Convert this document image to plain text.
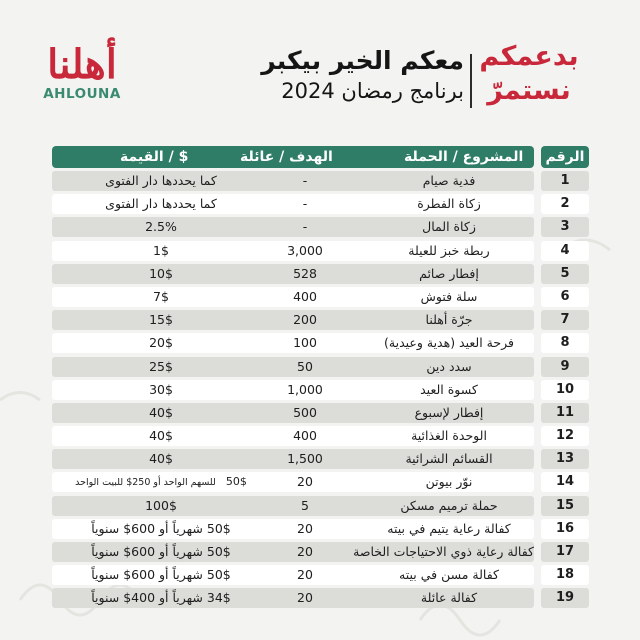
أهلنا
AHLOUNA
معكم الخير بيكبر
برنامج رمضان 2024
بدعمكم
نستمرّ
القيمة / $	الهدف / عائلة	المشروع / الحملة	الرقم
كما يحددها دار الفتوى	-	فدية صيام	1
كما يحددها دار الفتوى	-	زكاة الفطرة	2
2.5%	-	زكاة المال	3
1$	3,000	ربطة خبز للعيلة	4
10$	528	إفطار صائم	5
7$	400	سلة فتوش	6
15$	200	جرّة أهلنا	7
20$	100	فرحة العيد (هدية وعيدية)	8
25$	50	سدد دين	9
30$	1,000	كسوة العيد	10
40$	500	إفطار لإسبوع	11
40$	400	الوحدة الغذائية	12
40$	1,500	القسائم الشرائية	13
50$للسهم الواحد أو 250$ للبيت الواحد	20	نوّر بيوتن	14
100$	5	حملة ترميم مسكن	15
50$ شهرياً أو 600$ سنوياً	20	كفالة رعاية يتيم في بيته	16
50$ شهرياً أو 600$ سنوياً	20	كفالة رعاية ذوي الاحتياجات الخاصة	17
50$ شهرياً أو 600$ سنوياً	20	كفالة مسن في بيته	18
34$ شهرياً أو 400$ سنوياً	20	كفالة عائلة	19
